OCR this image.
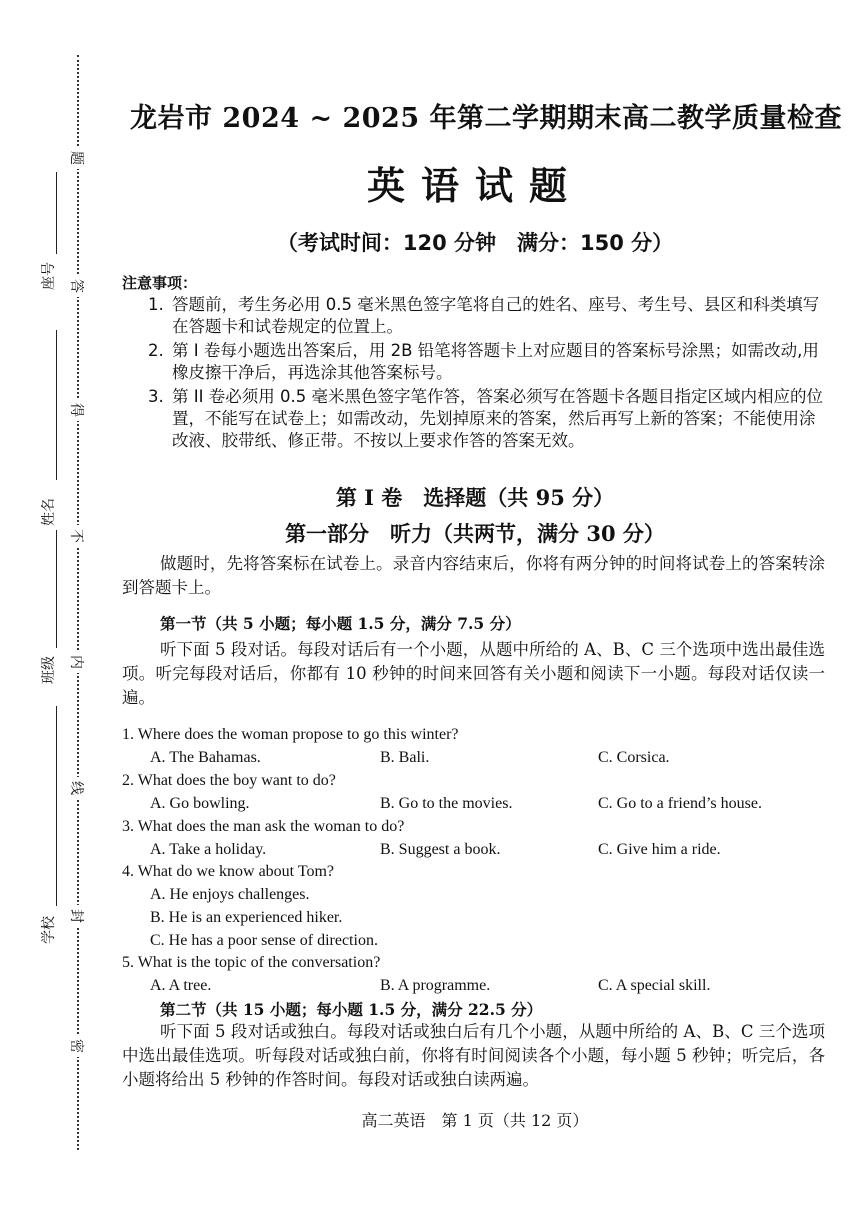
题
答
得
不
内
线
封
密
座号
姓名
班级
学校
龙岩市 2024 ~ 2025 年第二学期期末高二教学质量检查
英语试题
（考试时间：120 分钟　满分：150 分）
注意事项：
1. 答题前，考生务必用 0.5 毫米黑色签字笔将自己的姓名、座号、考生号、县区和科类填写在答题卡和试卷规定的位置上。
2. 第 I 卷每小题选出答案后，用 2B 铅笔将答题卡上对应题目的答案标号涂黑；如需改动,用橡皮擦干净后，再选涂其他答案标号。
3. 第 II 卷必须用 0.5 毫米黑色签字笔作答，答案必须写在答题卡各题目指定区域内相应的位置，不能写在试卷上；如需改动，先划掉原来的答案，然后再写上新的答案；不能使用涂改液、胶带纸、修正带。不按以上要求作答的答案无效。
第 I 卷　选择题（共 95 分）
第一部分　听力（共两节，满分 30 分）
做题时，先将答案标在试卷上。录音内容结束后，你将有两分钟的时间将试卷上的答案转涂到答题卡上。
第一节（共 5 小题；每小题 1.5 分，满分 7.5 分）
听下面 5 段对话。每段对话后有一个小题，从题中所给的 A、B、C 三个选项中选出最佳选项。听完每段对话后，你都有 10 秒钟的时间来回答有关小题和阅读下一小题。每段对话仅读一遍。
1. Where does the woman propose to go this winter?
A. The Bahamas.	B. Bali.	C. Corsica.
2. What does the boy want to do?
A. Go bowling.	B. Go to the movies.	C. Go to a friend’s house.
3. What does the man ask the woman to do?
A. Take a holiday.	B. Suggest a book.	C. Give him a ride.
4. What do we know about Tom?
A. He enjoys challenges.
B. He is an experienced hiker.
C. He has a poor sense of direction.
5. What is the topic of the conversation?
A. A tree.	B. A programme.	C. A special skill.
第二节（共 15 小题；每小题 1.5 分，满分 22.5 分）
听下面 5 段对话或独白。每段对话或独白后有几个小题，从题中所给的 A、B、C 三个选项中选出最佳选项。听每段对话或独白前，你将有时间阅读各个小题，每小题 5 秒钟；听完后，各小题将给出 5 秒钟的作答时间。每段对话或独白读两遍。
高二英语　第 1 页（共 12 页）
